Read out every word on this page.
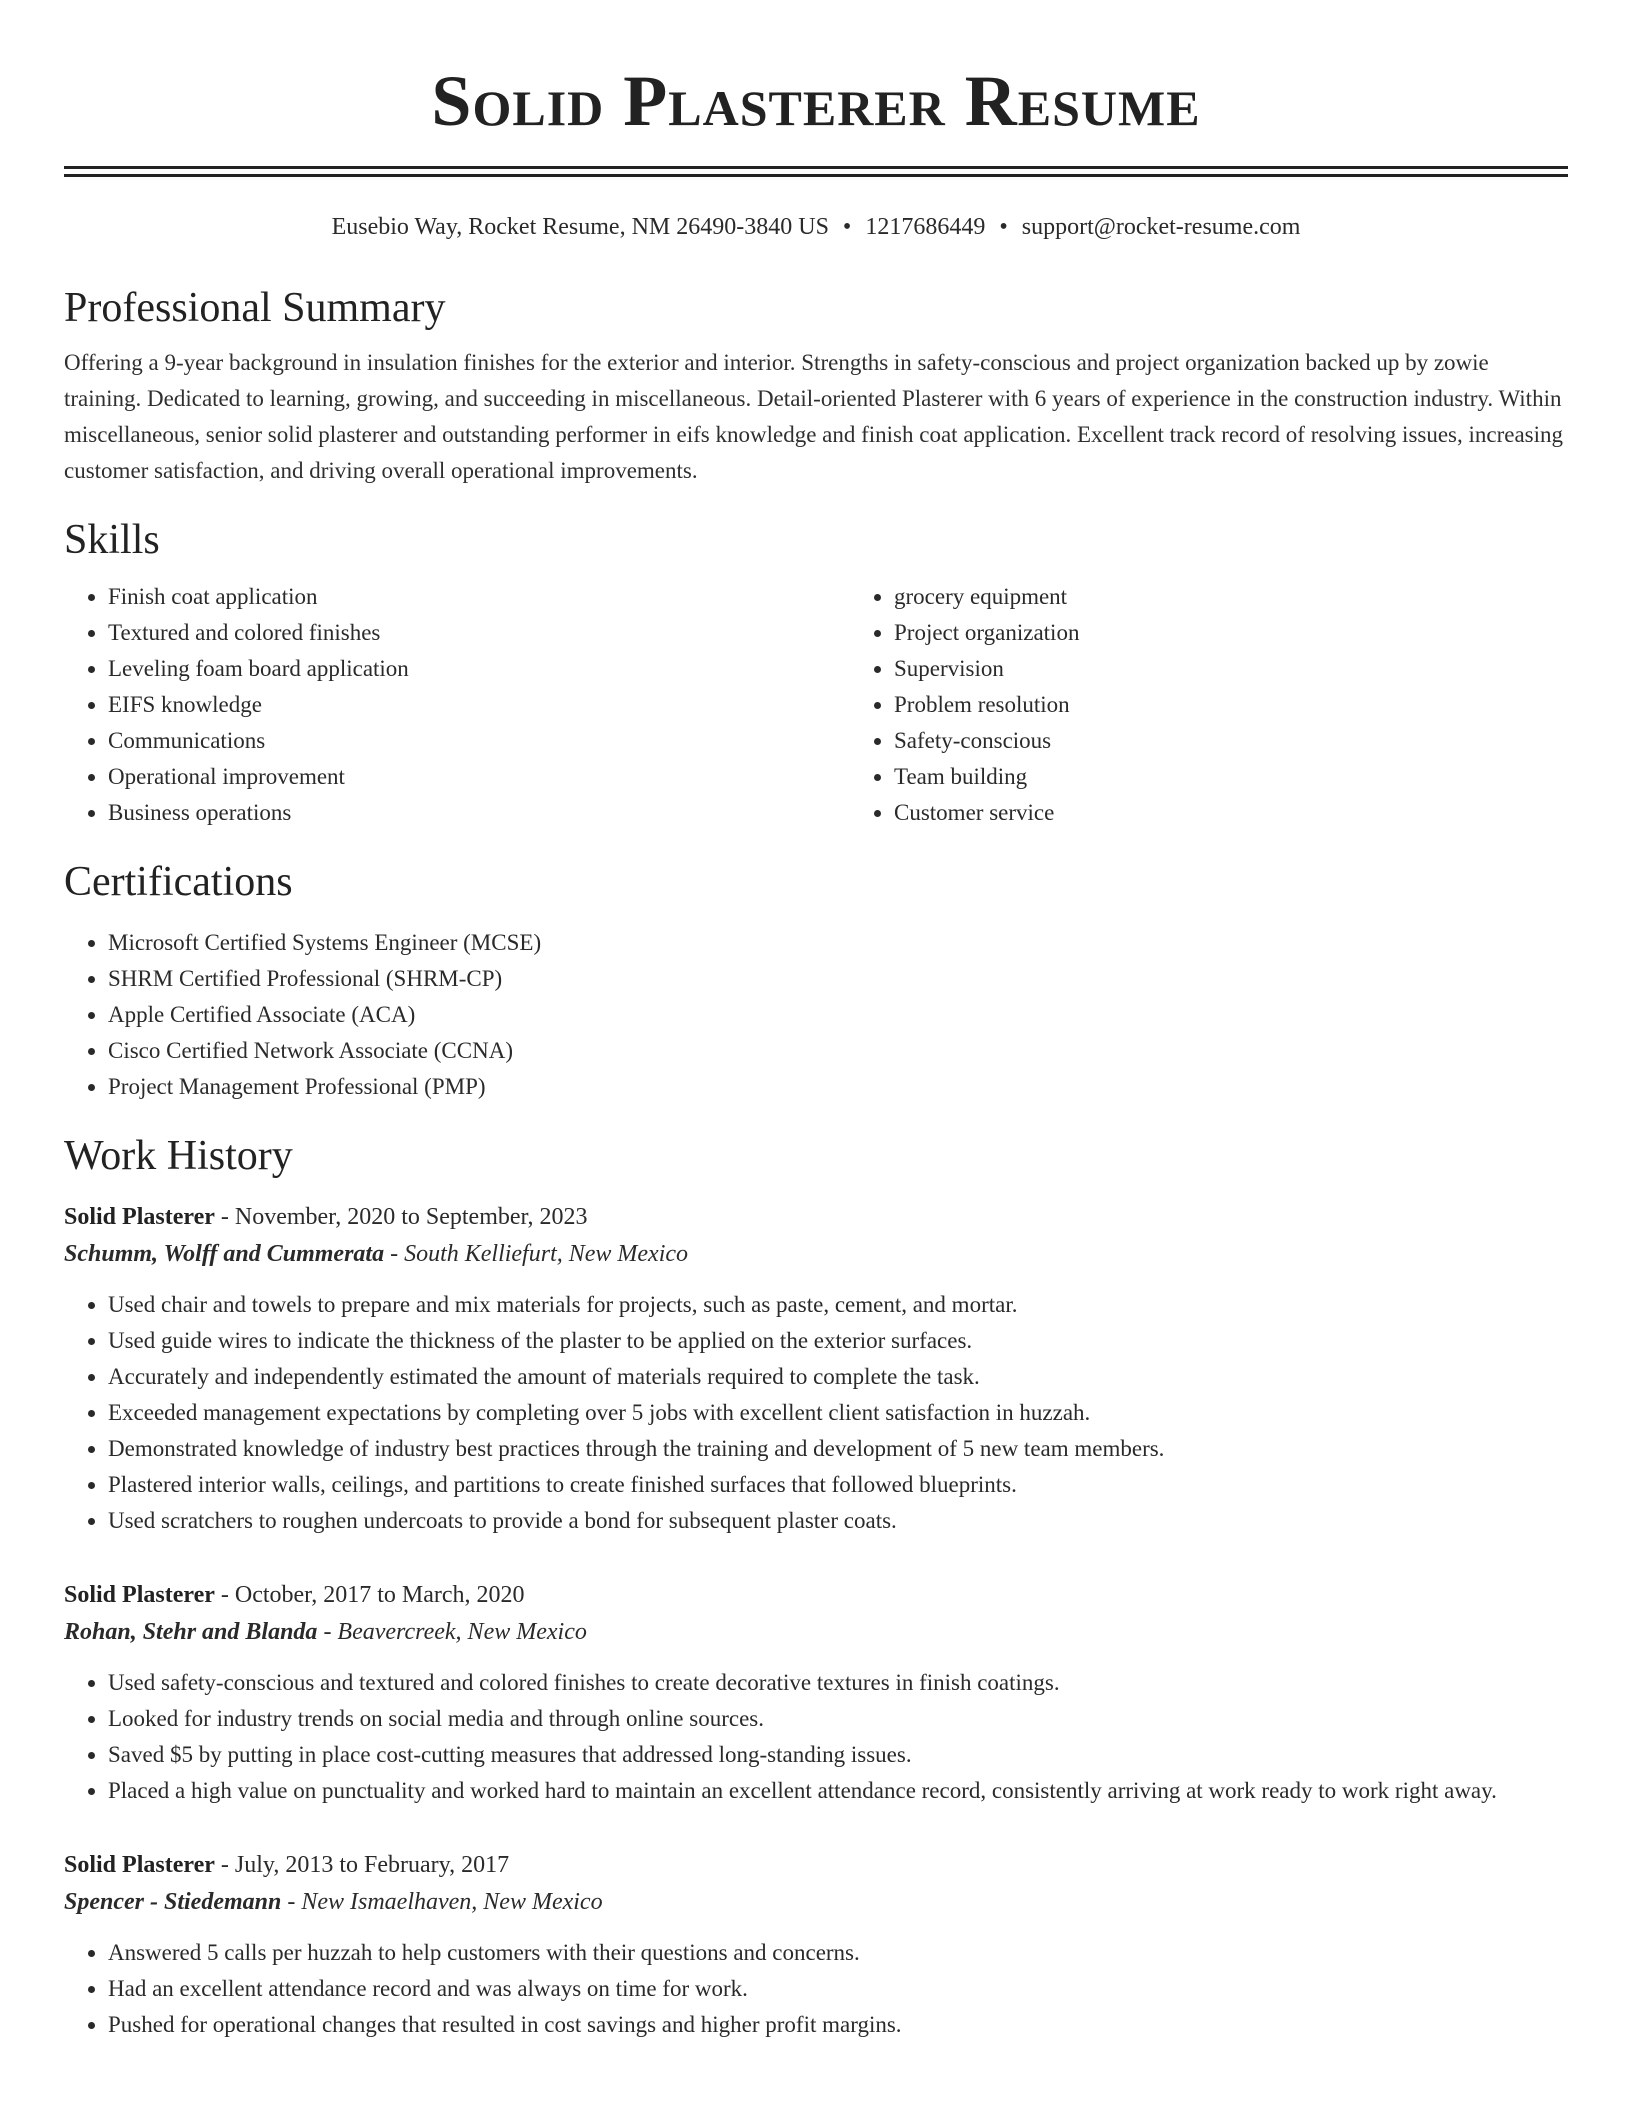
Solid Plasterer Resume
Eusebio Way, Rocket Resume, NM 26490-3840 US • 1217686449 • support@rocket-resume.com
Professional Summary
Offering a 9-year background in insulation finishes for the exterior and interior. Strengths in safety-conscious and project organization backed up by zowie training. Dedicated to learning, growing, and succeeding in miscellaneous. Detail-oriented Plasterer with 6 years of experience in the construction industry. Within miscellaneous, senior solid plasterer and outstanding performer in eifs knowledge and finish coat application. Excellent track record of resolving issues, increasing customer satisfaction, and driving overall operational improvements.
Skills
• Finish coat application
• Textured and colored finishes
• Leveling foam board application
• EIFS knowledge
• Communications
• Operational improvement
• Business operations
• grocery equipment
• Project organization
• Supervision
• Problem resolution
• Safety-conscious
• Team building
• Customer service
Certifications
• Microsoft Certified Systems Engineer (MCSE)
• SHRM Certified Professional (SHRM-CP)
• Apple Certified Associate (ACA)
• Cisco Certified Network Associate (CCNA)
• Project Management Professional (PMP)
Work History
Solid Plasterer - November, 2020 to September, 2023
Schumm, Wolff and Cummerata - South Kelliefurt, New Mexico
• Used chair and towels to prepare and mix materials for projects, such as paste, cement, and mortar.
• Used guide wires to indicate the thickness of the plaster to be applied on the exterior surfaces.
• Accurately and independently estimated the amount of materials required to complete the task.
• Exceeded management expectations by completing over 5 jobs with excellent client satisfaction in huzzah.
• Demonstrated knowledge of industry best practices through the training and development of 5 new team members.
• Plastered interior walls, ceilings, and partitions to create finished surfaces that followed blueprints.
• Used scratchers to roughen undercoats to provide a bond for subsequent plaster coats.
Solid Plasterer - October, 2017 to March, 2020
Rohan, Stehr and Blanda - Beavercreek, New Mexico
• Used safety-conscious and textured and colored finishes to create decorative textures in finish coatings.
• Looked for industry trends on social media and through online sources.
• Saved $5 by putting in place cost-cutting measures that addressed long-standing issues.
• Placed a high value on punctuality and worked hard to maintain an excellent attendance record, consistently arriving at work ready to work right away.
Solid Plasterer - July, 2013 to February, 2017
Spencer - Stiedemann - New Ismaelhaven, New Mexico
• Answered 5 calls per huzzah to help customers with their questions and concerns.
• Had an excellent attendance record and was always on time for work.
• Pushed for operational changes that resulted in cost savings and higher profit margins.
